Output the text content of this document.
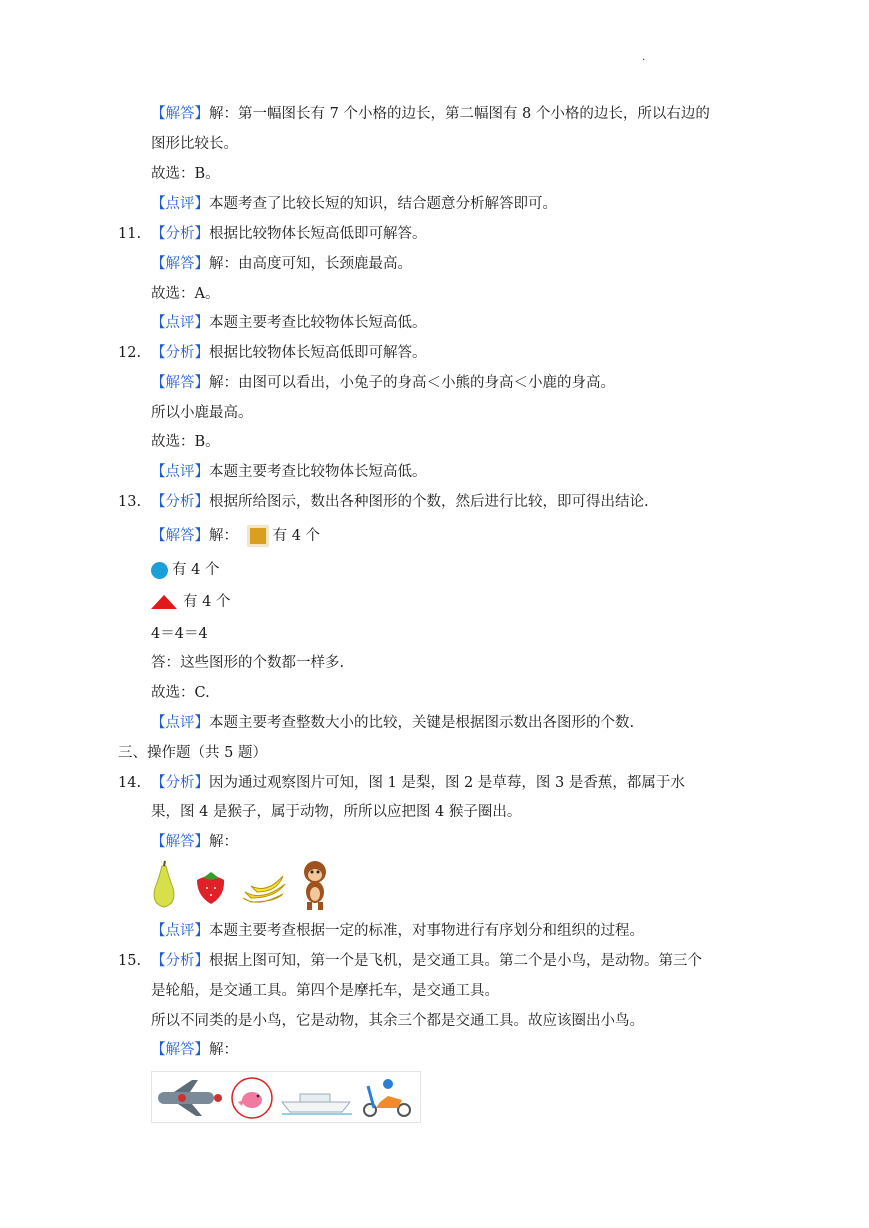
.
【解答】解：第一幅图长有 7 个小格的边长，第二幅图有 8 个小格的边长，所以右边的
图形比较长。
故选：B。
【点评】本题考查了比较长短的知识，结合题意分析解答即可。
11. 【分析】根据比较物体长短高低即可解答。
【解答】解：由高度可知，长颈鹿最高。
故选：A。
【点评】本题主要考查比较物体长短高低。
12. 【分析】根据比较物体长短高低即可解答。
【解答】解：由图可以看出，小兔子的身高＜小熊的身高＜小鹿的身高。
所以小鹿最高。
故选：B。
【点评】本题主要考查比较物体长短高低。
13. 【分析】根据所给图示，数出各种图形的个数，然后进行比较，即可得出结论.
【解答】解： 有 4 个
有 4 个
有 4 个
4＝4＝4
答：这些图形的个数都一样多.
故选：C.
【点评】本题主要考查整数大小的比较，关键是根据图示数出各图形的个数.
三、操作题（共 5 题）
14. 【分析】因为通过观察图片可知，图 1 是梨，图 2 是草莓，图 3 是香蕉，都属于水
果，图 4 是猴子，属于动物，所所以应把图 4 猴子圈出。
【解答】解：
【点评】本题主要考查根据一定的标准，对事物进行有序划分和组织的过程。
15. 【分析】根据上图可知，第一个是飞机，是交通工具。第二个是小鸟，是动物。第三个
是轮船，是交通工具。第四个是摩托车，是交通工具。
所以不同类的是小鸟，它是动物，其余三个都是交通工具。故应该圈出小鸟。
【解答】解：
